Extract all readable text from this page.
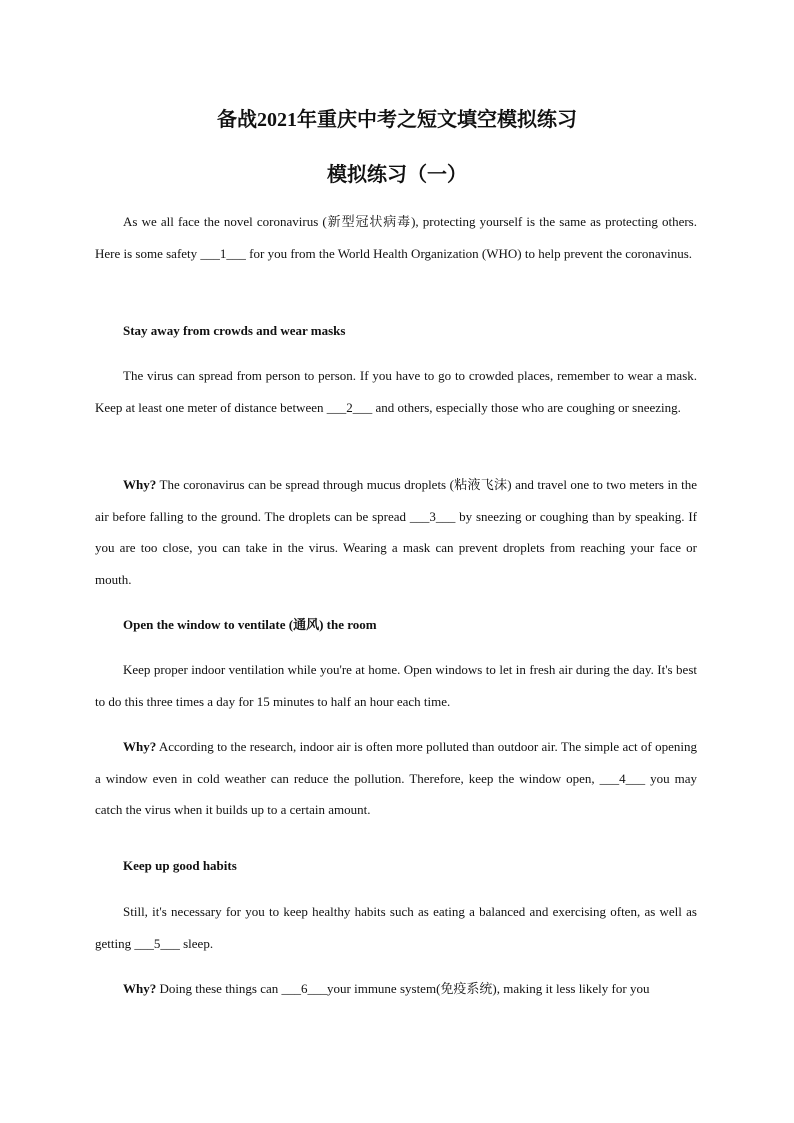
备战2021年重庆中考之短文填空模拟练习
模拟练习（一）

As we all face the novel coronavirus (新型冠状病毒), protecting yourself is the same as protecting others. Here is some safety ___1___ for you from the World Health Organization (WHO) to help prevent the coronavinus.

Stay away from crowds and wear masks

The virus can spread from person to person. If you have to go to crowded places, remember to wear a mask. Keep at least one meter of distance between ___2___ and others, especially those who are coughing or sneezing.

Why? The coronavirus can be spread through mucus droplets (粘液飞沫) and travel one to two meters in the air before falling to the ground. The droplets can be spread ___3___ by sneezing or coughing than by speaking. If you are too close, you can take in the virus. Wearing a mask can prevent droplets from reaching your face or mouth.

Open the window to ventilate (通风) the room

Keep proper indoor ventilation while you're at home. Open windows to let in fresh air during the day. It's best to do this three times a day for 15 minutes to half an hour each time.

Why? According to the research, indoor air is often more polluted than outdoor air. The simple act of opening a window even in cold weather can reduce the pollution. Therefore, keep the window open, ___4___ you may catch the virus when it builds up to a certain amount.

Keep up good habits

Still, it's necessary for you to keep healthy habits such as eating a balanced and exercising often, as well as getting ___5___ sleep.

Why? Doing these things can ___6___your immune system(免疫系统), making it less likely for you
